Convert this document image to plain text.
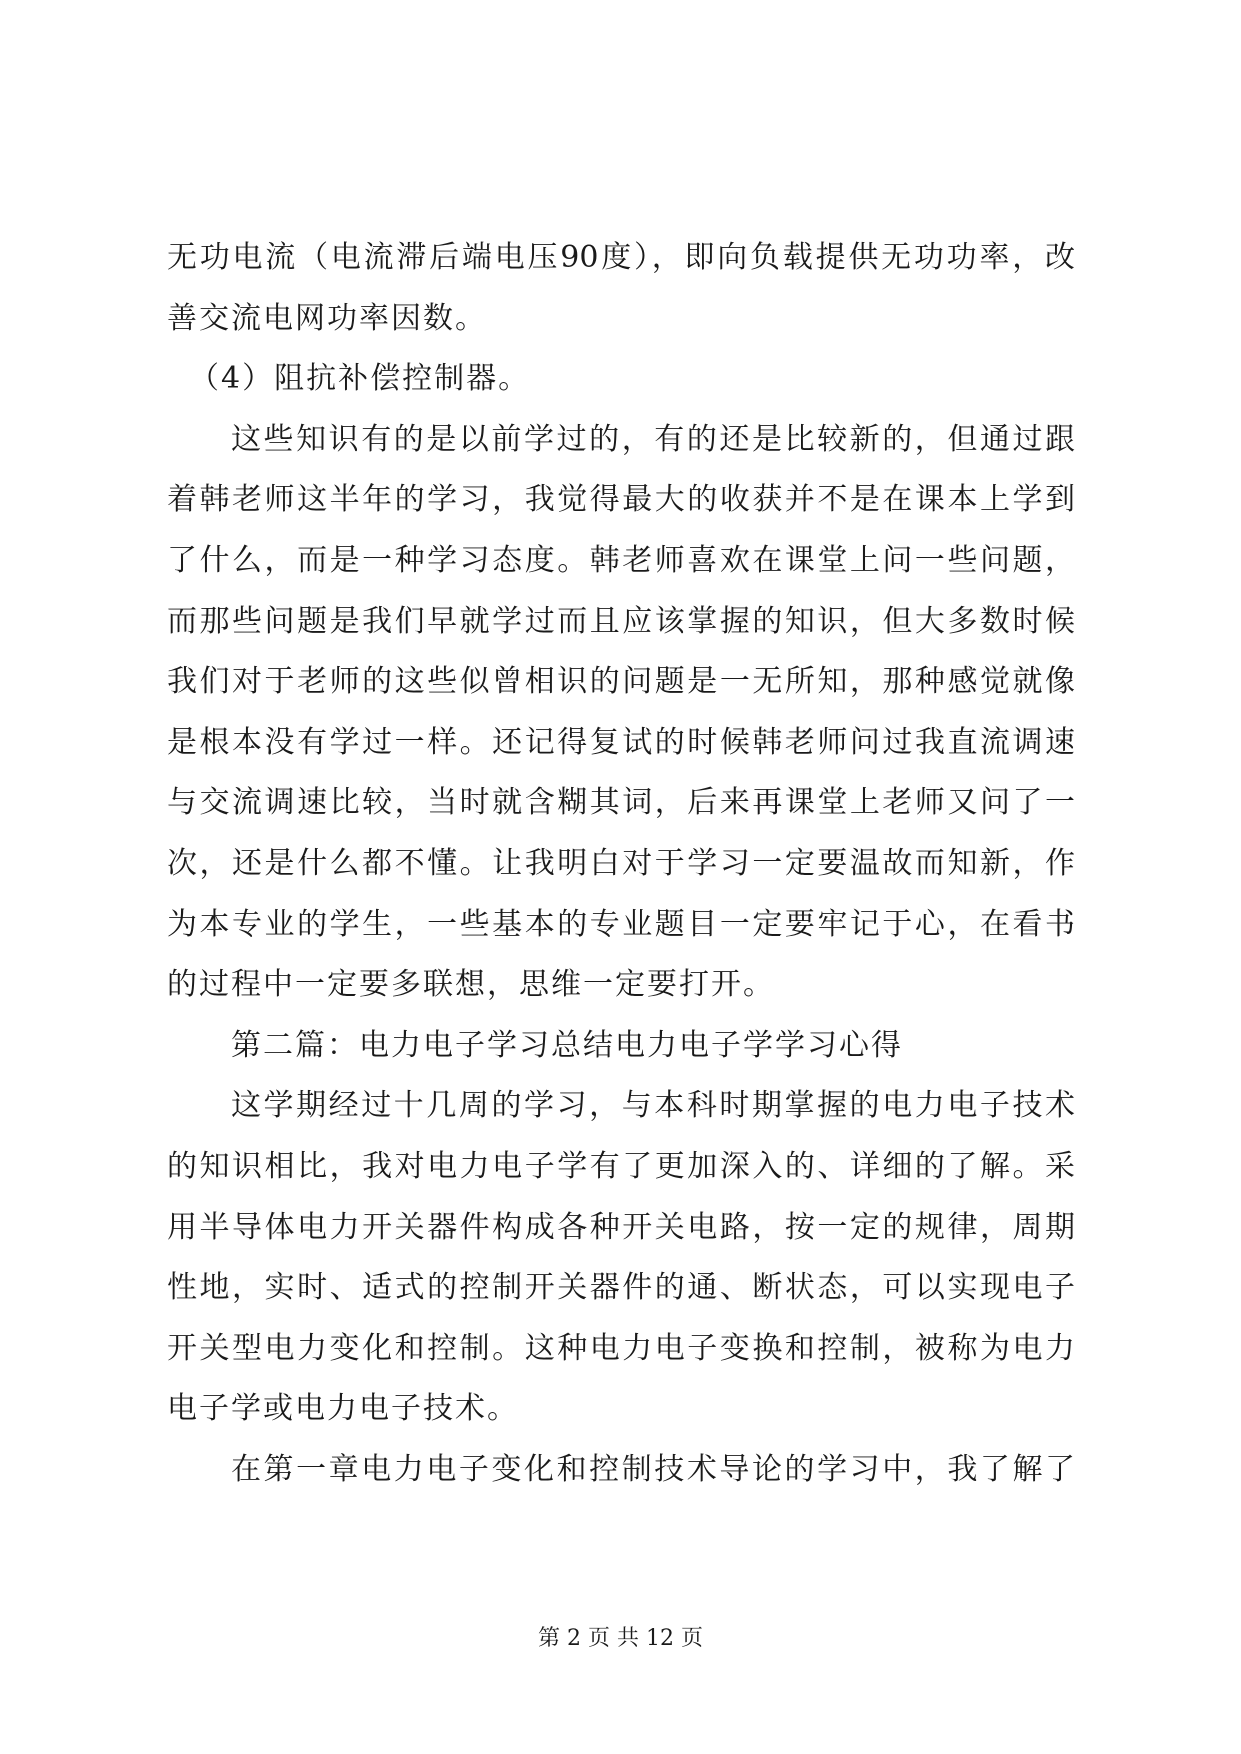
无功电流（电流滞后端电压90度），即向负载提供无功功率，改
善交流电网功率因数。
（4）阻抗补偿控制器。
这些知识有的是以前学过的，有的还是比较新的，但通过跟
着韩老师这半年的学习，我觉得最大的收获并不是在课本上学到
了什么，而是一种学习态度。韩老师喜欢在课堂上问一些问题，
而那些问题是我们早就学过而且应该掌握的知识，但大多数时候
我们对于老师的这些似曾相识的问题是一无所知，那种感觉就像
是根本没有学过一样。还记得复试的时候韩老师问过我直流调速
与交流调速比较，当时就含糊其词，后来再课堂上老师又问了一
次，还是什么都不懂。让我明白对于学习一定要温故而知新，作
为本专业的学生，一些基本的专业题目一定要牢记于心，在看书
的过程中一定要多联想，思维一定要打开。
第二篇：电力电子学习总结电力电子学学习心得
这学期经过十几周的学习，与本科时期掌握的电力电子技术
的知识相比，我对电力电子学有了更加深入的、详细的了解。采
用半导体电力开关器件构成各种开关电路，按一定的规律，周期
性地，实时、适式的控制开关器件的通、断状态，可以实现电子
开关型电力变化和控制。这种电力电子变换和控制，被称为电力
电子学或电力电子技术。
在第一章电力电子变化和控制技术导论的学习中，我了解了
第 2 页 共 12 页
